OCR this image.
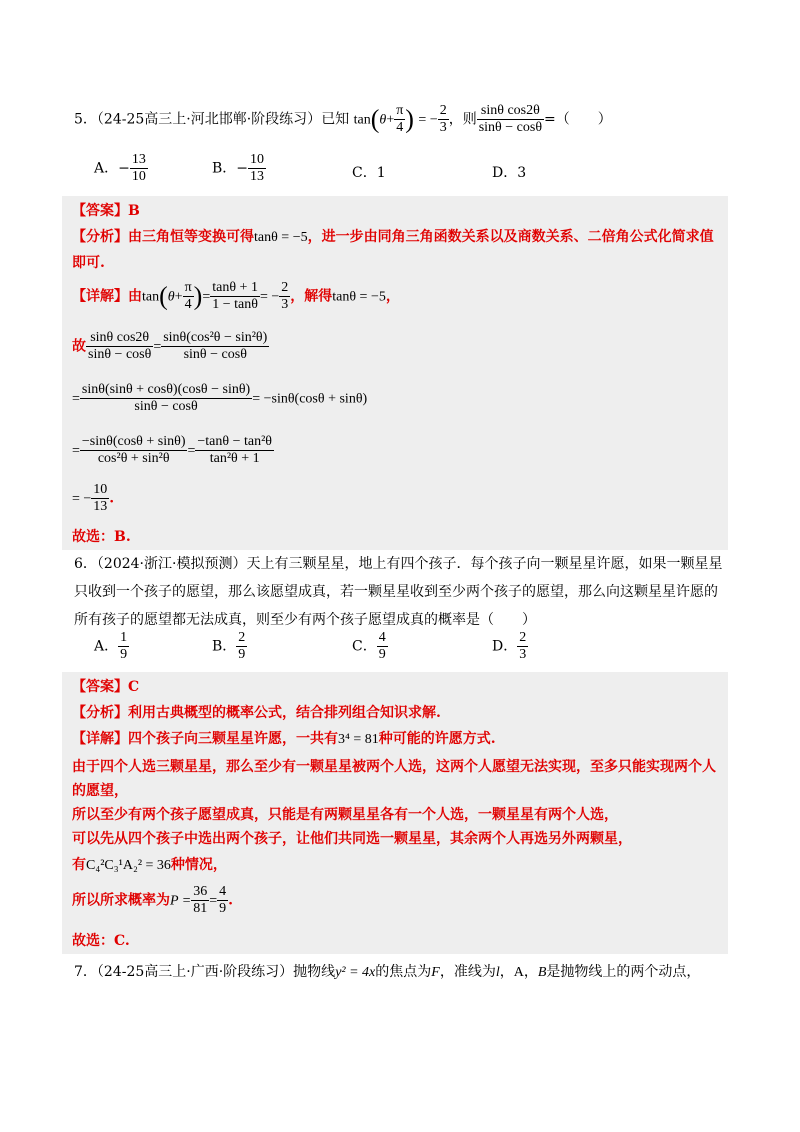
5．（24-25高三上·河北邯郸·阶段练习）已知 $\tan(\theta+ \frac{\pi}{4}$ ) = − $\frac{2}{3}$ ，则 $\frac{\text{sinθ cos2θ}}{\sin\theta - \cos\theta}$ =（　　）
A．− $\frac{13}{10}$	B．− $\frac{10}{13}$	C．1	D．3
【答案】B
【分析】由三角恒等变换可得tanθ = −5，进一步由同角三角函数关系以及商数关系、二倍角公式化简求值
即可.
【详解】由$\tan(\theta+ \frac{\pi}{4}$ )= $\frac{\tan\theta + 1}{1 - \tan\theta}$ = − $\frac{2}{3}$ ，解得tanθ = −5，
故 $\frac{\text{sinθ cos2θ}}{\sin\theta - \cos\theta} = \frac{\text{sinθ(cos²θ − sin²θ)}}{\sin\theta - \cos\theta}$
= $\frac{\sin\theta(\sin\theta + \cos\theta)(\cos\theta - \sin\theta)}{\sin\theta - \cos\theta} = -\sin\theta(\cos\theta + \sin\theta)$
= $\frac{-\sin\theta(\cos\theta + \sin\theta)}{\text{cos²θ + sin²θ}} = \frac{\text{−tanθ − tan²θ}}{\text{tan²θ + 1}}$
= − $\frac{10}{13}$ .
故选：B.
6．（2024·浙江·模拟预测）天上有三颗星星，地上有四个孩子．每个孩子向一颗星星许愿，如果一颗星星
只收到一个孩子的愿望，那么该愿望成真，若一颗星星收到至少两个孩子的愿望，那么向这颗星星许愿的
所有孩子的愿望都无法成真，则至少有两个孩子愿望成真的概率是（　　）
A． $\frac{1}{9}$	B． $\frac{2}{9}$	C． $\frac{4}{9}$	D． $\frac{2}{3}$
【答案】C
【分析】利用古典概型的概率公式，结合排列组合知识求解.
【详解】四个孩子向三颗星星许愿，一共有3⁴ = 81种可能的许愿方式.
由于四个人选三颗星星，那么至少有一颗星星被两个人选，这两个人愿望无法实现，至多只能实现两个人
的愿望，
所以至少有两个孩子愿望成真，只能是有两颗星星各有一个人选，一颗星星有两个人选，
可以先从四个孩子中选出两个孩子，让他们共同选一颗星星，其余两个人再选另外两颗星，
有C₄²C₃¹A₂² = 36种情况，
所以所求概率为$P = \frac{36}{81} = \frac{4}{9}$ .
故选：C.
7．（24-25高三上·广西·阶段练习）抛物线y² = 4x的焦点为F，准线为l，A，B是抛物线上的两个动点，
